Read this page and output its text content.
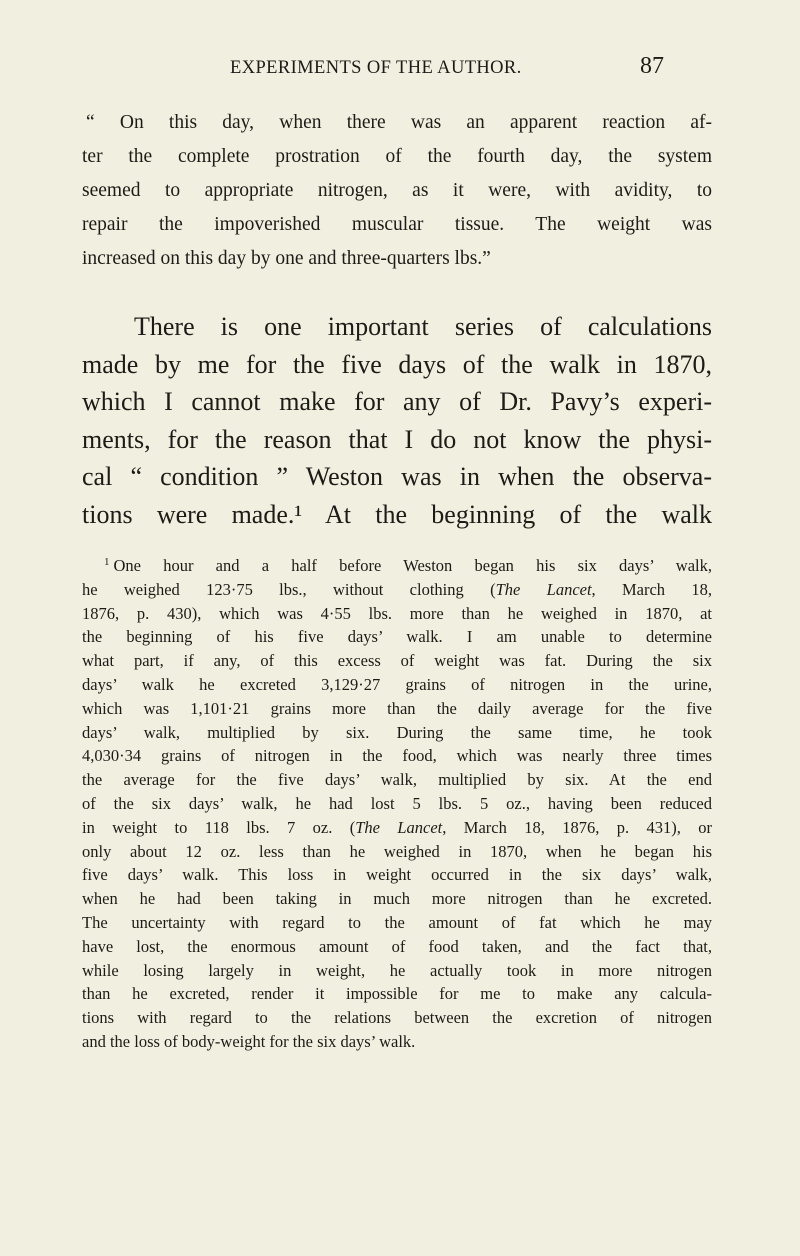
EXPERIMENTS OF THE AUTHOR.	87
“ On this day, when there was an apparent reaction af-
ter the complete prostration of the fourth day, the system
seemed to appropriate nitrogen, as it were, with avidity, to
repair the impoverished muscular tissue. The weight was
increased on this day by one and three-quarters lbs.”
There is one important series of calculations
made by me for the five days of the walk in 1870,
which I cannot make for any of Dr. Pavy’s experi-
ments, for the reason that I do not know the physi-
cal “ condition ” Weston was in when the observa-
tions were made.¹ At the beginning of the walk
$^1$ One hour and a half before Weston began his six days’ walk,
he weighed 123·75 lbs., without clothing (The Lancet, March 18,
1876, p. 430), which was 4·55 lbs. more than he weighed in 1870, at
the beginning of his five days’ walk. I am unable to determine
what part, if any, of this excess of weight was fat. During the six
days’ walk he excreted 3,129·27 grains of nitrogen in the urine,
which was 1,101·21 grains more than the daily average for the five
days’ walk, multiplied by six. During the same time, he took
4,030·34 grains of nitrogen in the food, which was nearly three times
the average for the five days’ walk, multiplied by six. At the end
of the six days’ walk, he had lost 5 lbs. 5 oz., having been reduced
in weight to 118 lbs. 7 oz. (The Lancet, March 18, 1876, p. 431), or
only about 12 oz. less than he weighed in 1870, when he began his
five days’ walk. This loss in weight occurred in the six days’ walk,
when he had been taking in much more nitrogen than he excreted.
The uncertainty with regard to the amount of fat which he may
have lost, the enormous amount of food taken, and the fact that,
while losing largely in weight, he actually took in more nitrogen
than he excreted, render it impossible for me to make any calcula-
tions with regard to the relations between the excretion of nitrogen
and the loss of body-weight for the six days’ walk.
